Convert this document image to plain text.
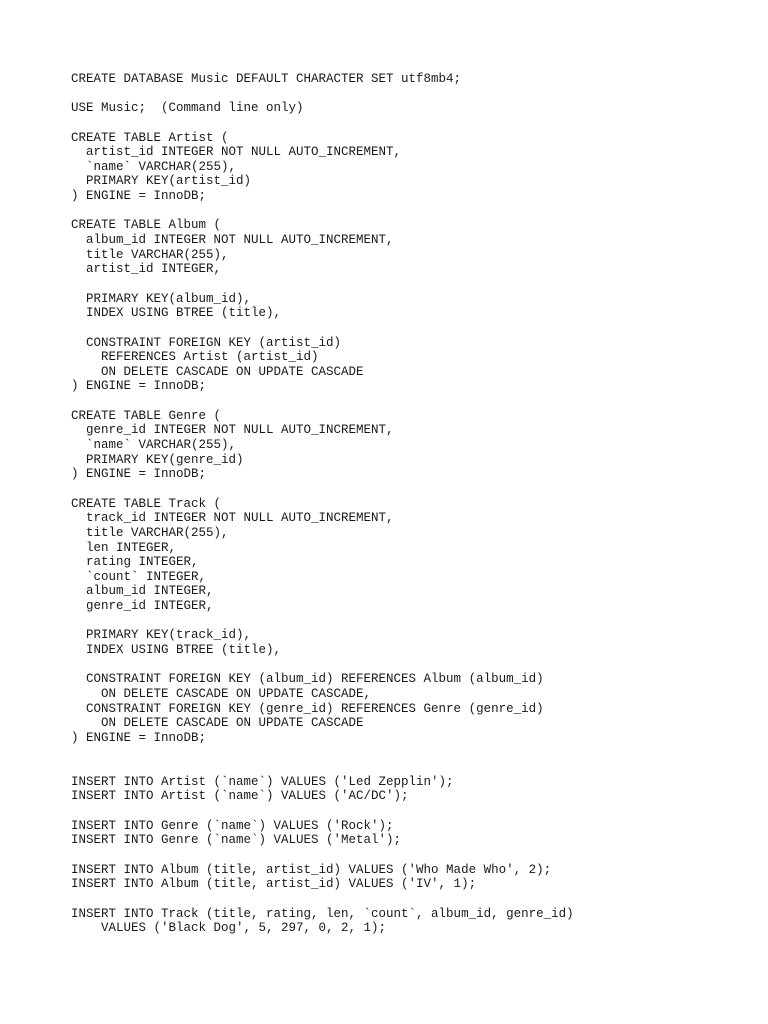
CREATE DATABASE Music DEFAULT CHARACTER SET utf8mb4;
USE Music;  (Command line only)
CREATE TABLE Artist (
artist_id INTEGER NOT NULL AUTO_INCREMENT,
`name` VARCHAR(255),
PRIMARY KEY(artist_id)
) ENGINE = InnoDB;
CREATE TABLE Album (
album_id INTEGER NOT NULL AUTO_INCREMENT,
title VARCHAR(255),
artist_id INTEGER,
PRIMARY KEY(album_id),
INDEX USING BTREE (title),
CONSTRAINT FOREIGN KEY (artist_id)
REFERENCES Artist (artist_id)
ON DELETE CASCADE ON UPDATE CASCADE
) ENGINE = InnoDB;
CREATE TABLE Genre (
genre_id INTEGER NOT NULL AUTO_INCREMENT,
`name` VARCHAR(255),
PRIMARY KEY(genre_id)
) ENGINE = InnoDB;
CREATE TABLE Track (
track_id INTEGER NOT NULL AUTO_INCREMENT,
title VARCHAR(255),
len INTEGER,
rating INTEGER,
`count` INTEGER,
album_id INTEGER,
genre_id INTEGER,
PRIMARY KEY(track_id),
INDEX USING BTREE (title),
CONSTRAINT FOREIGN KEY (album_id) REFERENCES Album (album_id)
ON DELETE CASCADE ON UPDATE CASCADE,
CONSTRAINT FOREIGN KEY (genre_id) REFERENCES Genre (genre_id)
ON DELETE CASCADE ON UPDATE CASCADE
) ENGINE = InnoDB;
INSERT INTO Artist (`name`) VALUES ('Led Zepplin');
INSERT INTO Artist (`name`) VALUES ('AC/DC');
INSERT INTO Genre (`name`) VALUES ('Rock');
INSERT INTO Genre (`name`) VALUES ('Metal');
INSERT INTO Album (title, artist_id) VALUES ('Who Made Who', 2);
INSERT INTO Album (title, artist_id) VALUES ('IV', 1);
INSERT INTO Track (title, rating, len, `count`, album_id, genre_id)
VALUES ('Black Dog', 5, 297, 0, 2, 1);
